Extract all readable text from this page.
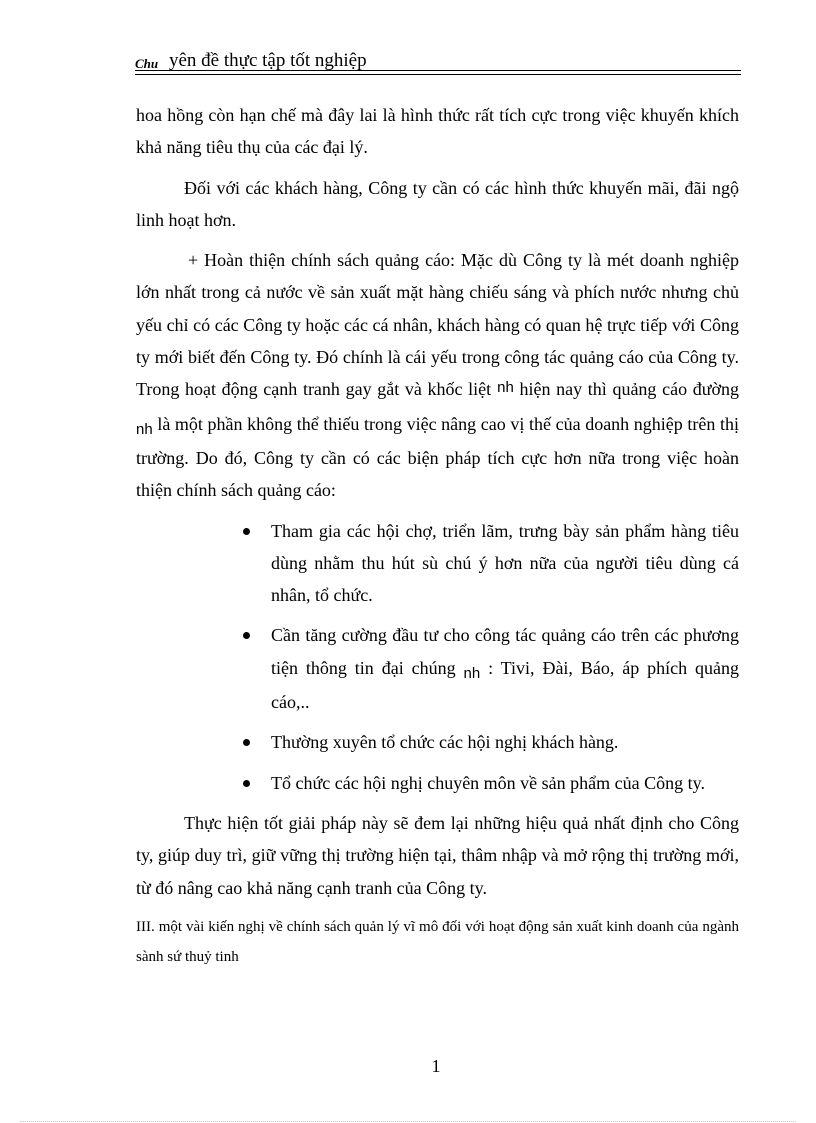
Chu yên đề thực tập tốt nghiệp

hoa hồng còn hạn chế mà đây lai là hình thức rất tích cực trong việc khuyến khích khả năng tiêu thụ của các đại lý.

Đối với các khách hàng, Công ty cần có các hình thức khuyến mãi, đãi ngộ linh hoạt hơn.

+ Hoàn thiện chính sách quảng cáo: Mặc dù Công ty là mét doanh nghiệp lớn nhất trong cả nước về sản xuất mặt hàng chiếu sáng và phích nước nhưng chủ yếu chỉ có các Công ty hoặc các cá nhân, khách hàng có quan hệ trực tiếp với Công ty mới biết đến Công ty. Đó chính là cái yếu trong công tác quảng cáo của Công ty. Trong hoạt động cạnh tranh gay gắt và khốc liệt nh hiện nay thì quảng cáo đường $_{nh}$ là một phần không thể thiếu trong việc nâng cao vị thế của doanh nghiệp trên thị trường. Do đó, Công ty cần có các biện pháp tích cực hơn nữa trong việc hoàn thiện chính sách quảng cáo:

Tham gia các hội chợ, triển lãm, trưng bày sản phẩm hàng tiêu dùng nhằm thu hút sù chú ý hơn nữa của người tiêu dùng cá nhân, tổ chức.
Cần tăng cường đầu tư cho công tác quảng cáo trên các phương tiện thông tin đại chúng $_{nh}$ : Tivi, Đài, Báo, áp phích quảng cáo,..
Thường xuyên tổ chức các hội nghị khách hàng.
Tổ chức các hội nghị chuyên môn về sản phẩm của Công ty.

Thực hiện tốt giải pháp này sẽ đem lại những hiệu quả nhất định cho Công ty, giúp duy trì, giữ vững thị trường hiện tại, thâm nhập và mở rộng thị trường mới, từ đó nâng cao khả năng cạnh tranh của Công ty.

III. một vài kiến nghị về chính sách quản lý vĩ mô đối với hoạt động sản xuất kinh doanh của ngành sành sứ thuỷ tinh

1
